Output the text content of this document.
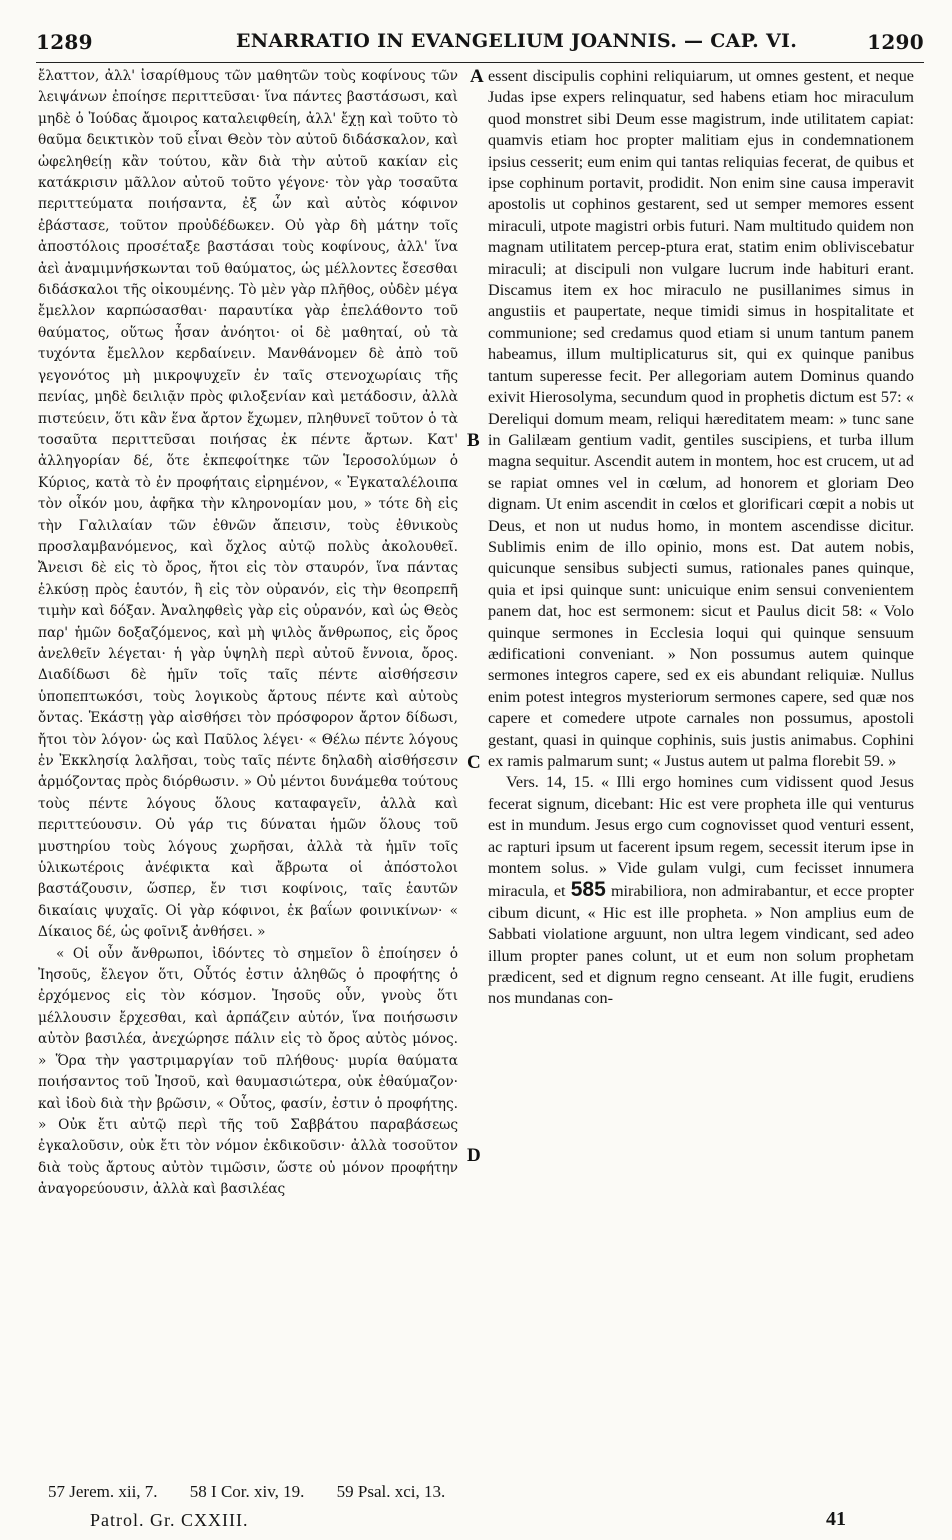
1289	ENARRATIO IN EVANGELIUM JOANNIS. — CAP. VI.	1290
A
B
C
D

ἔλαττον, ἀλλ' ἰσαρίθμους τῶν μαθητῶν τοὺς κοφίνους τῶν λειψάνων ἐποίησε περιττεῦσαι· ἵνα πάντες βαστάσωσι, καὶ μηδὲ ὁ Ἰούδας ἄμοιρος καταλειφθείη, ἀλλ' ἔχῃ καὶ τοῦτο τὸ θαῦμα δεικτικὸν τοῦ εἶναι Θεὸν τὸν αὐτοῦ διδάσκαλον, καὶ ὠφεληθείῃ κἂν τούτου, κἂν διὰ τὴν αὐτοῦ κακίαν εἰς κατάκρισιν μᾶλλον αὐτοῦ τοῦτο γέγονε· τὸν γὰρ τοσαῦτα περιττεύματα ποιήσαντα, ἐξ ὧν καὶ αὐτὸς κόφινον ἐβάστασε, τοῦτον προὐδέδωκεν. Οὐ γὰρ δὴ μάτην τοῖς ἀποστόλοις προσέταξε βαστάσαι τοὺς κοφίνους, ἀλλ' ἵνα ἀεὶ ἀναμιμνήσκωνται τοῦ θαύματος, ὡς μέλλοντες ἔσεσθαι διδάσκαλοι τῆς οἰκουμένης. Τὸ μὲν γὰρ πλῆθος, οὐδὲν μέγα ἔμελλον καρπώσασθαι· παραυτίκα γὰρ ἐπελάθοντο τοῦ θαύματος, οὕτως ἦσαν ἀνόητοι· οἱ δὲ μαθηταί, οὐ τὰ τυχόντα ἔμελλον κερδαίνειν. Μανθάνομεν δὲ ἀπὸ τοῦ γεγονότος μὴ μικροψυχεῖν ἐν ταῖς στενοχωρίαις τῆς πενίας, μηδὲ δειλιᾷν πρὸς φιλοξενίαν καὶ μετάδοσιν, ἀλλὰ πιστεύειν, ὅτι κἂν ἕνα ἄρτον ἔχωμεν, πληθυνεῖ τοῦτον ὁ τὰ τοσαῦτα περιττεῦσαι ποιήσας ἐκ πέντε ἄρτων. Κατ' ἀλληγορίαν δέ, ὅτε ἐκπεφοίτηκε τῶν Ἱεροσολύμων ὁ Κύριος, κατὰ τὸ ἐν προφήταις εἰρημένον, « Ἐγκαταλέλοιπα τὸν οἶκόν μου, ἀφῆκα τὴν κληρονομίαν μου, » τότε δὴ εἰς τὴν Γαλιλαίαν τῶν ἐθνῶν ἄπεισιν, τοὺς ἐθνικοὺς προσλαμβανόμενος, καὶ ὄχλος αὐτῷ πολὺς ἀκολουθεῖ. Ἄνεισι δὲ εἰς τὸ ὄρος, ἤτοι εἰς τὸν σταυρόν, ἵνα πάντας ἑλκύσῃ πρὸς ἑαυτόν, ἢ εἰς τὸν οὐρανόν, εἰς τὴν θεοπρεπῆ τιμὴν καὶ δόξαν. Ἀναληφθεὶς γὰρ εἰς οὐρανόν, καὶ ὡς Θεὸς παρ' ἡμῶν δοξαζόμενος, καὶ μὴ ψιλὸς ἄνθρωπος, εἰς ὄρος ἀνελθεῖν λέγεται· ἡ γὰρ ὑψηλὴ περὶ αὐτοῦ ἔννοια, ὄρος. Διαδίδωσι δὲ ἡμῖν τοῖς ταῖς πέντε αἰσθήσεσιν ὑποπεπτωκόσι, τοὺς λογικοὺς ἄρτους πέντε καὶ αὐτοὺς ὄντας. Ἑκάστῃ γὰρ αἰσθήσει τὸν πρόσφορον ἄρτον δίδωσι, ἤτοι τὸν λόγον· ὡς καὶ Παῦλος λέγει· « Θέλω πέντε λόγους ἐν Ἐκκλησίᾳ λαλῆσαι, τοὺς ταῖς πέντε δηλαδὴ αἰσθήσεσιν ἁρμόζοντας πρὸς διόρθωσιν. » Οὐ μέντοι δυνάμεθα τούτους τοὺς πέντε λόγους ὅλους καταφαγεῖν, ἀλλὰ καὶ περιττεύουσιν. Οὐ γάρ τις δύναται ἡμῶν ὅλους τοῦ μυστηρίου τοὺς λόγους χωρῆσαι, ἀλλὰ τὰ ἡμῖν τοῖς ὑλικωτέροις ἀνέφικτα καὶ ἄβρωτα οἱ ἀπόστολοι βαστάζουσιν, ὥσπερ, ἔν τισι κοφίνοις, ταῖς ἑαυτῶν δικαίαις ψυχαῖς. Οἱ γὰρ κόφινοι, ἐκ βαΐων φοινικίνων· « Δίκαιος δέ, ὡς φοῖνιξ ἀνθήσει. »

« Οἱ οὖν ἄνθρωποι, ἰδόντες τὸ σημεῖον ὃ ἐποίησεν ὁ Ἰησοῦς, ἔλεγον ὅτι, Οὗτός ἐστιν ἀληθῶς ὁ προφήτης ὁ ἐρχόμενος εἰς τὸν κόσμον. Ἰησοῦς οὖν, γνοὺς ὅτι μέλλουσιν ἔρχεσθαι, καὶ ἁρπάζειν αὐτόν, ἵνα ποιήσωσιν αὐτὸν βασιλέα, ἀνεχώρησε πάλιν εἰς τὸ ὄρος αὐτὸς μόνος. » Ὅρα τὴν γαστριμαργίαν τοῦ πλήθους· μυρία θαύματα ποιήσαντος τοῦ Ἰησοῦ, καὶ θαυμασιώτερα, οὐκ ἐθαύμαζον· καὶ ἰδοὺ διὰ τὴν βρῶσιν, « Οὗτος, φασίν, ἐστιν ὁ προφήτης. » Οὐκ ἔτι αὐτῷ περὶ τῆς τοῦ Σαββάτου παραβάσεως ἐγκαλοῦσιν, οὐκ ἔτι τὸν νόμον ἐκδικοῦσιν· ἀλλὰ τοσοῦτον διὰ τοὺς ἄρτους αὐτὸν τιμῶσιν, ὥστε οὐ μόνον προφήτην ἀναγορεύουσιν, ἀλλὰ καὶ βασιλέας

essent discipulis cophini reliquiarum, ut omnes gestent, et neque Judas ipse expers relinquatur, sed habens etiam hoc miraculum quod monstret sibi Deum esse magistrum, inde utilitatem capiat: quamvis etiam hoc propter malitiam ejus in condemnationem ipsius cesserit; eum enim qui tantas reliquias fecerat, de quibus et ipse cophinum portavit, prodidit. Non enim sine causa imperavit apostolis ut cophinos gestarent, sed ut semper memores essent miraculi, utpote magistri orbis futuri. Nam multitudo quidem non magnam utilitatem percep-ptura erat, statim enim obliviscebatur miraculi; at discipuli non vulgare lucrum inde habituri erant. Discamus item ex hoc miraculo ne pusillanimes simus in angustiis et paupertate, neque timidi simus in hospitalitate et communione; sed credamus quod etiam si unum tantum panem habeamus, illum multiplicaturus sit, qui ex quinque panibus tantum superesse fecit. Per allegoriam autem Dominus quando exivit Hierosolyma, secundum quod in prophetis dictum est 57: « Dereliqui domum meam, reliqui hæreditatem meam: » tunc sane in Galilæam gentium vadit, gentiles suscipiens, et turba illum magna sequitur. Ascendit autem in montem, hoc est crucem, ut ad se rapiat omnes vel in cœlum, ad honorem et gloriam Deo dignam. Ut enim ascendit in cœlos et glorificari cœpit a nobis ut Deus, et non ut nudus homo, in montem ascendisse dicitur. Sublimis enim de illo opinio, mons est. Dat autem nobis, quicunque sensibus subjecti sumus, rationales panes quinque, quia et ipsi quinque sunt: unicuique enim sensui convenientem panem dat, hoc est sermonem: sicut et Paulus dicit 58: « Volo quinque sermones in Ecclesia loqui qui quinque sensuum ædificationi conveniant. » Non possumus autem quinque sermones integros capere, sed ex eis abundant reliquiæ. Nullus enim potest integros mysteriorum sermones capere, sed quæ nos capere et comedere utpote carnales non possumus, apostoli gestant, quasi in quinque cophinis, suis justis animabus. Cophini ex ramis palmarum sunt; « Justus autem ut palma florebit 59. »

Vers. 14, 15. « Illi ergo homines cum vidissent quod Jesus fecerat signum, dicebant: Hic est vere propheta ille qui venturus est in mundum. Jesus ergo cum cognovisset quod venturi essent, ac rapturi ipsum ut facerent ipsum regem, secessit iterum ipse in montem solus. » Vide gulam vulgi, cum fecisset innumera miracula, et 585 mirabiliora, non admirabantur, et ecce propter cibum dicunt, « Hic est ille propheta. » Non amplius eum de Sabbati violatione arguunt, non ultra legem vindicant, sed adeo illum propter panes colunt, ut et eum non solum prophetam prædicent, sed et dignum regno censeant. At ille fugit, erudiens nos mundanas con-

57 Jerem. xii, 7. 58 I Cor. xiv, 19. 59 Psal. xci, 13.
Patrol. Gr. CXXIII.	41
